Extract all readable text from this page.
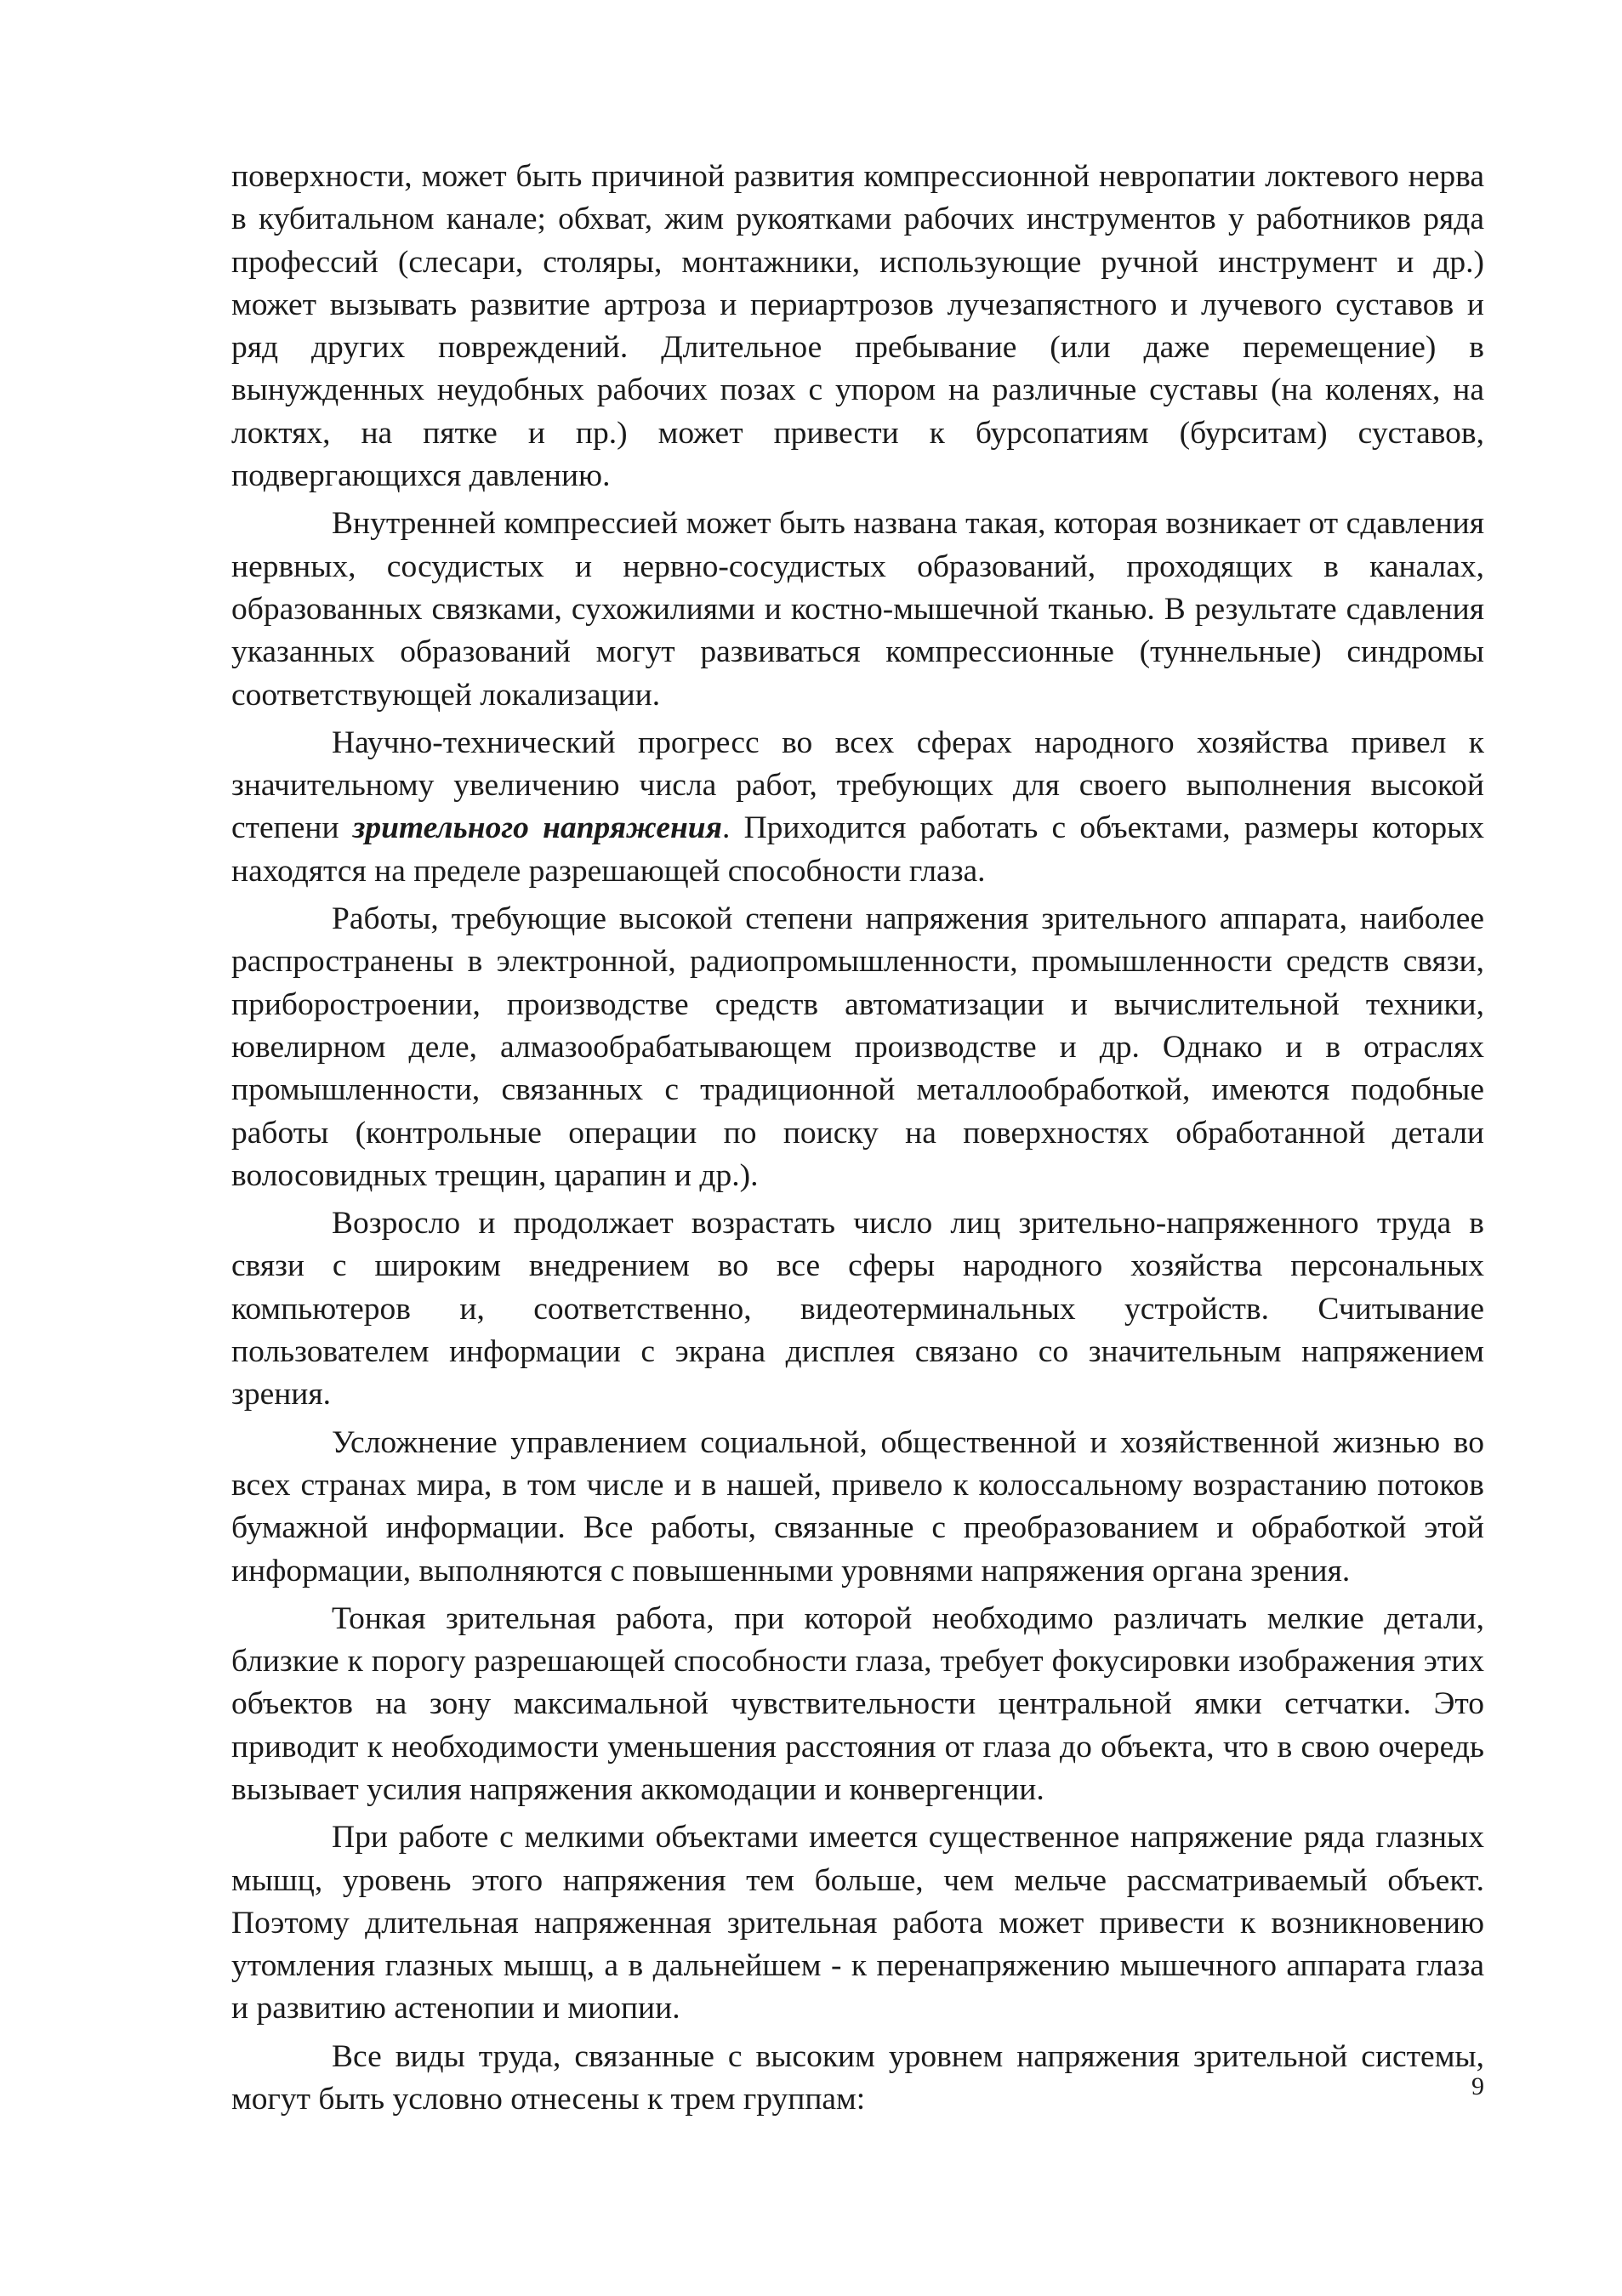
поверхности, может быть причиной развития компрессионной невропатии локтевого нерва в кубитальном канале; обхват, жим рукоятками рабочих инструментов у работников ряда профессий (слесари, столяры, монтажники, использующие ручной инструмент и др.) может вызывать развитие артроза и периартрозов лучезапястного и лучевого суставов и ряд других повреждений. Длительное пребывание (или даже перемещение) в вынужденных неудобных рабочих позах с упором на различные суставы (на коленях, на локтях, на пятке и пр.) может привести к бурсопатиям (бурситам) суставов, подвергающихся давлению.

Внутренней компрессией может быть названа такая, которая возникает от сдавления нервных, сосудистых и нервно-сосудистых образований, проходящих в каналах, образованных связками, сухожилиями и костно-мышечной тканью. В результате сдавления указанных образований могут развиваться компрессионные (туннельные) синдромы соответствующей локализации.

Научно-технический прогресс во всех сферах народного хозяйства привел к значительному увеличению числа работ, требующих для своего выполнения высокой степени зрительного напряжения. Приходится работать с объектами, размеры которых находятся на пределе разрешающей способности глаза.

Работы, требующие высокой степени напряжения зрительного аппарата, наиболее распространены в электронной, радиопромышленности, промышленности средств связи, приборостроении, производстве средств автоматизации и вычислительной техники, ювелирном деле, алмазообрабатывающем производстве и др. Однако и в отраслях промышленности, связанных с традиционной металлообработкой, имеются подобные работы (контрольные операции по поиску на поверхностях обработанной детали волосовидных трещин, царапин и др.).

Возросло и продолжает возрастать число лиц зрительно-напряженного труда в связи с широким внедрением во все сферы народного хозяйства персональных компьютеров и, соответственно, видеотерминальных устройств. Считывание пользователем информации с экрана дисплея связано со значительным напряжением зрения.

Усложнение управлением социальной, общественной и хозяйственной жизнью во всех странах мира, в том числе и в нашей, привело к колоссальному возрастанию потоков бумажной информации. Все работы, связанные с преобразованием и обработкой этой информации, выполняются с повышенными уровнями напряжения органа зрения.

Тонкая зрительная работа, при которой необходимо различать мелкие детали, близкие к порогу разрешающей способности глаза, требует фокусировки изображения этих объектов на зону максимальной чувствительности центральной ямки сетчатки. Это приводит к необходимости уменьшения расстояния от глаза до объекта, что в свою очередь вызывает усилия напряжения аккомодации и конвергенции.

При работе с мелкими объектами имеется существенное напряжение ряда глазных мышц, уровень этого напряжения тем больше, чем мельче рассматриваемый объект. Поэтому длительная напряженная зрительная работа может привести к возникновению утомления глазных мышц, а в дальнейшем - к перенапряжению мышечного аппарата глаза и развитию астенопии и миопии.

Все виды труда, связанные с высоким уровнем напряжения зрительной системы, могут быть условно отнесены к трем группам:	9
